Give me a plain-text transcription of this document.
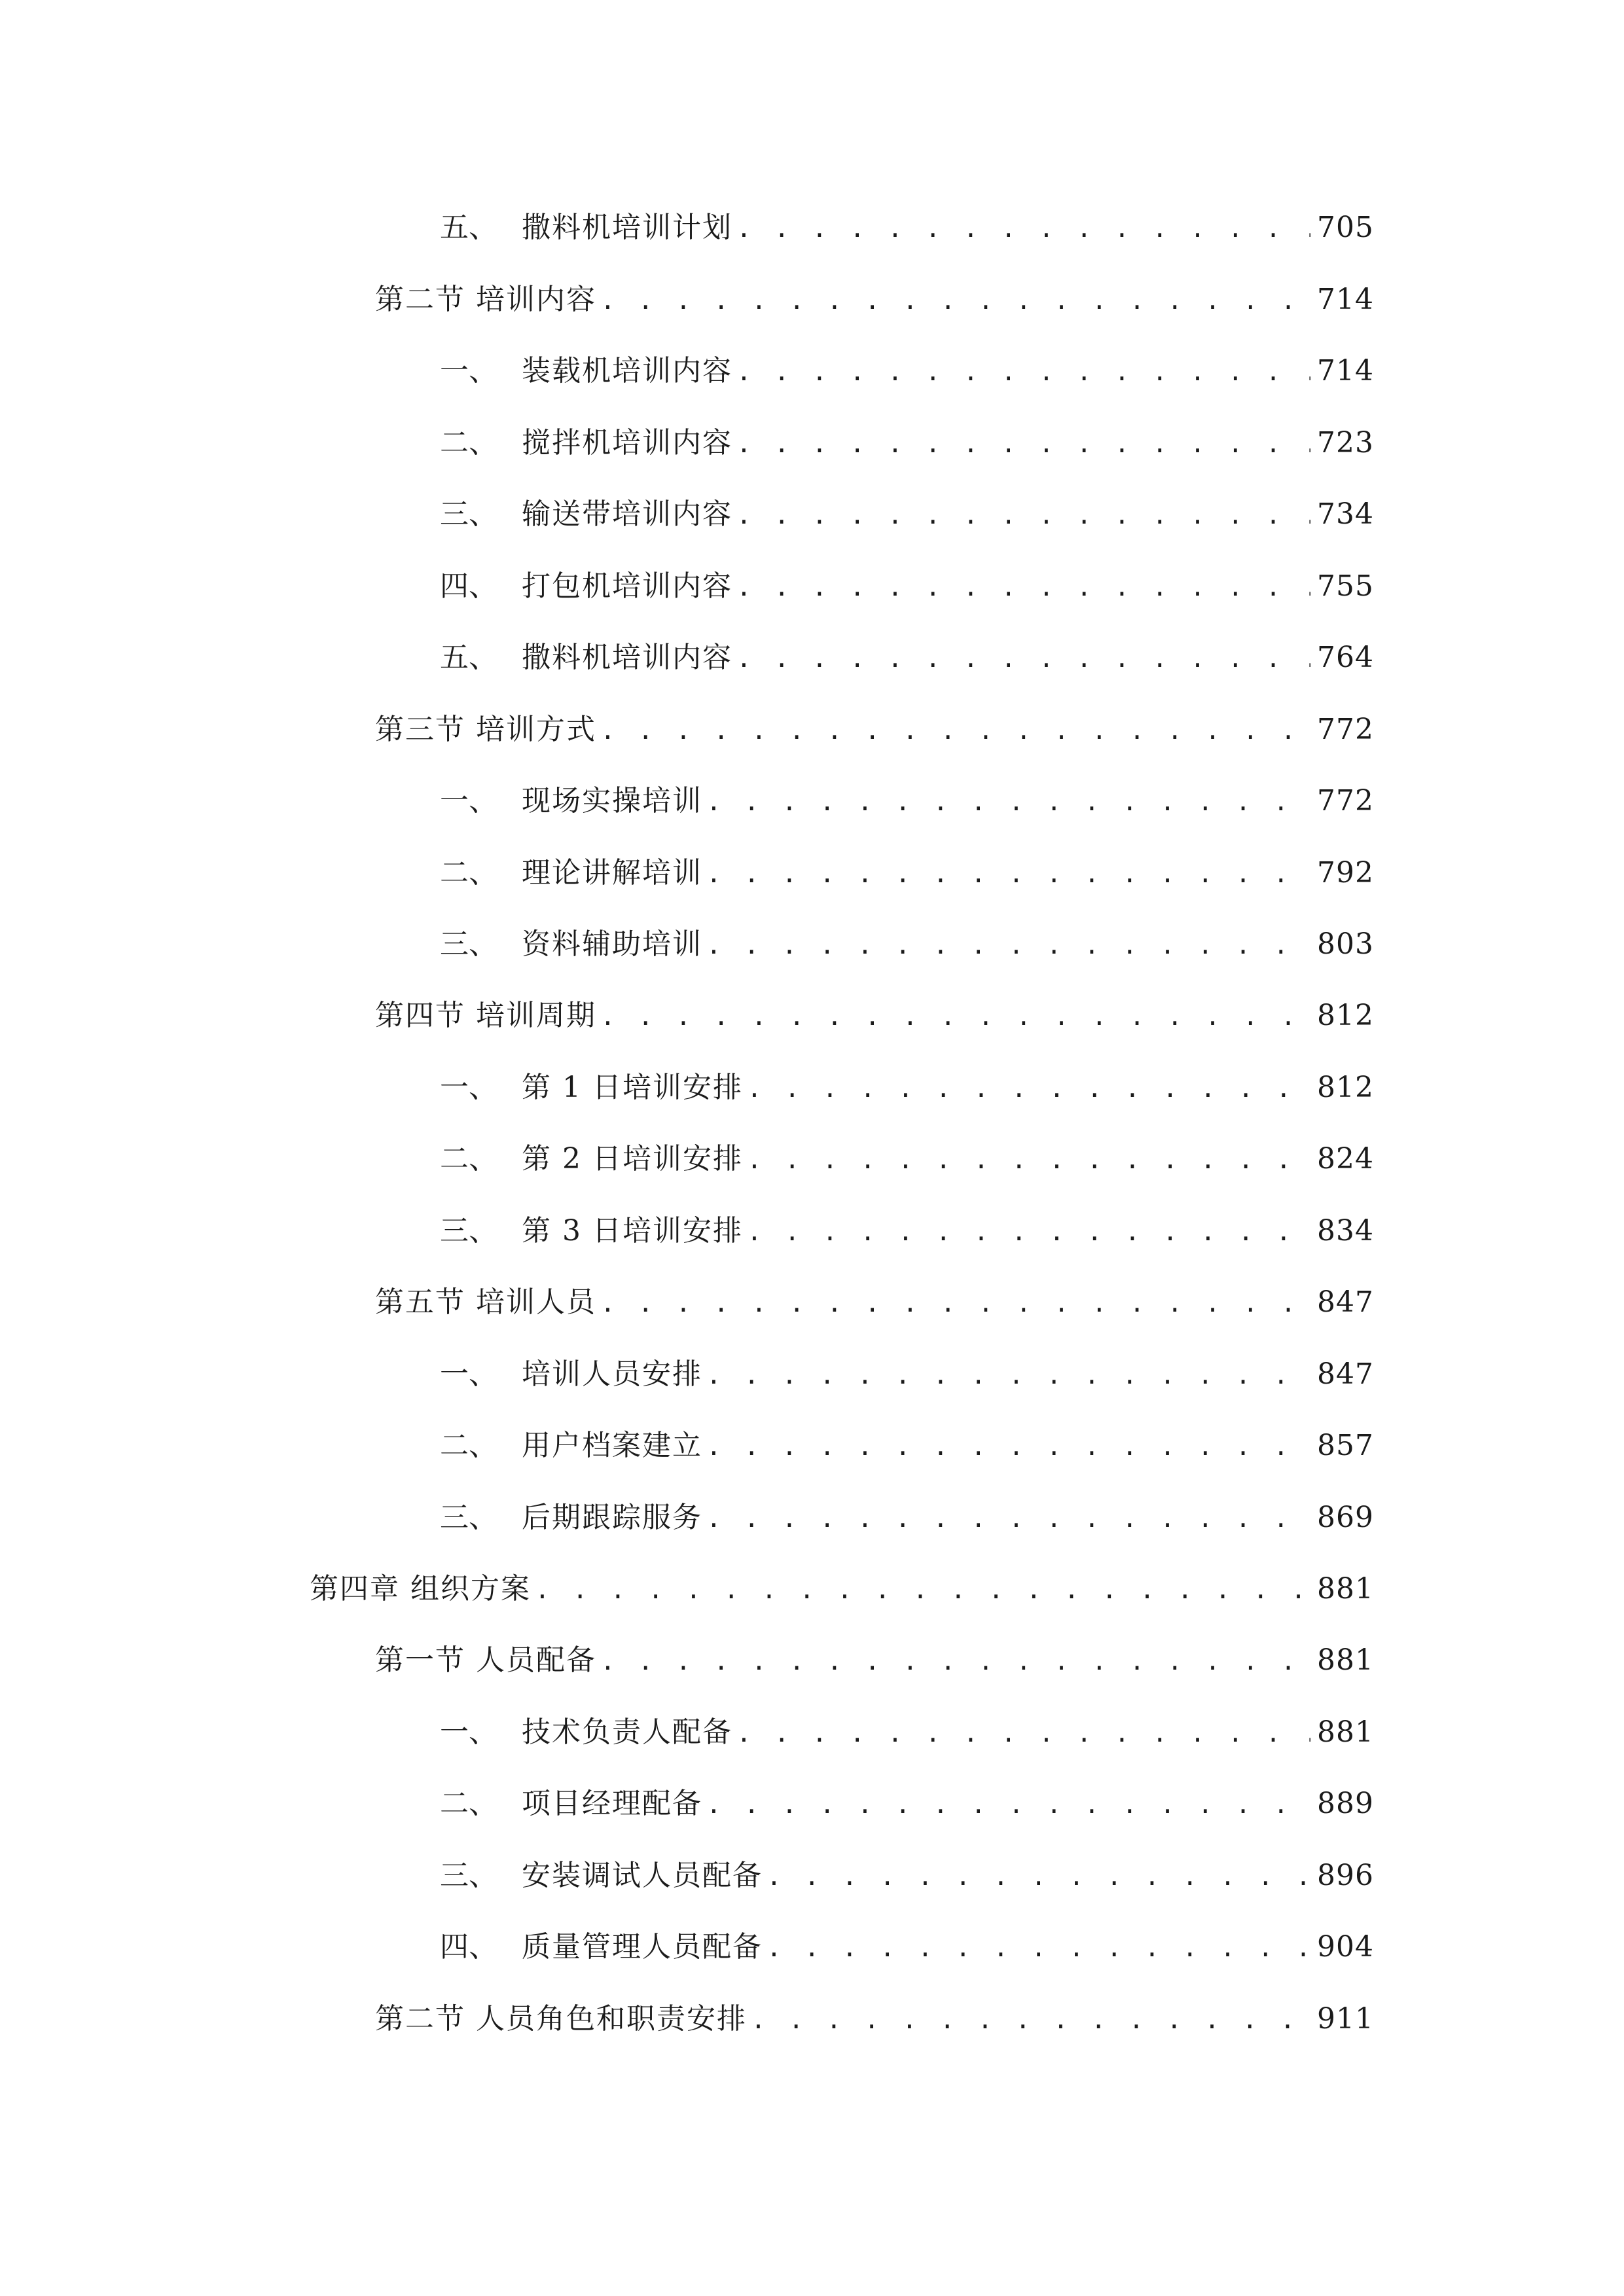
五、 撒料机培训计划 . . .	705
第二节 培训内容 . . .	714
一、 装载机培训内容 . . .	714
二、 搅拌机培训内容 . . .	723
三、 输送带培训内容 . . .	734
四、 打包机培训内容 . . .	755
五、 撒料机培训内容 . . .	764
第三节 培训方式 . . .	772
一、 现场实操培训 . . .	772
二、 理论讲解培训 . . .	792
三、 资料辅助培训 . . .	803
第四节 培训周期 . . .	812
一、 第 1 日培训安排 . . .	812
二、 第 2 日培训安排 . . .	824
三、 第 3 日培训安排 . . .	834
第五节 培训人员 . . .	847
一、 培训人员安排 . . .	847
二、 用户档案建立 . . .	857
三、 后期跟踪服务 . . .	869
第四章 组织方案 . . .	881
第一节 人员配备 . . .	881
一、 技术负责人配备 . . .	881
二、 项目经理配备 . . .	889
三、 安装调试人员配备 . . .	896
四、 质量管理人员配备 . . .	904
第二节 人员角色和职责安排 . . .	911
